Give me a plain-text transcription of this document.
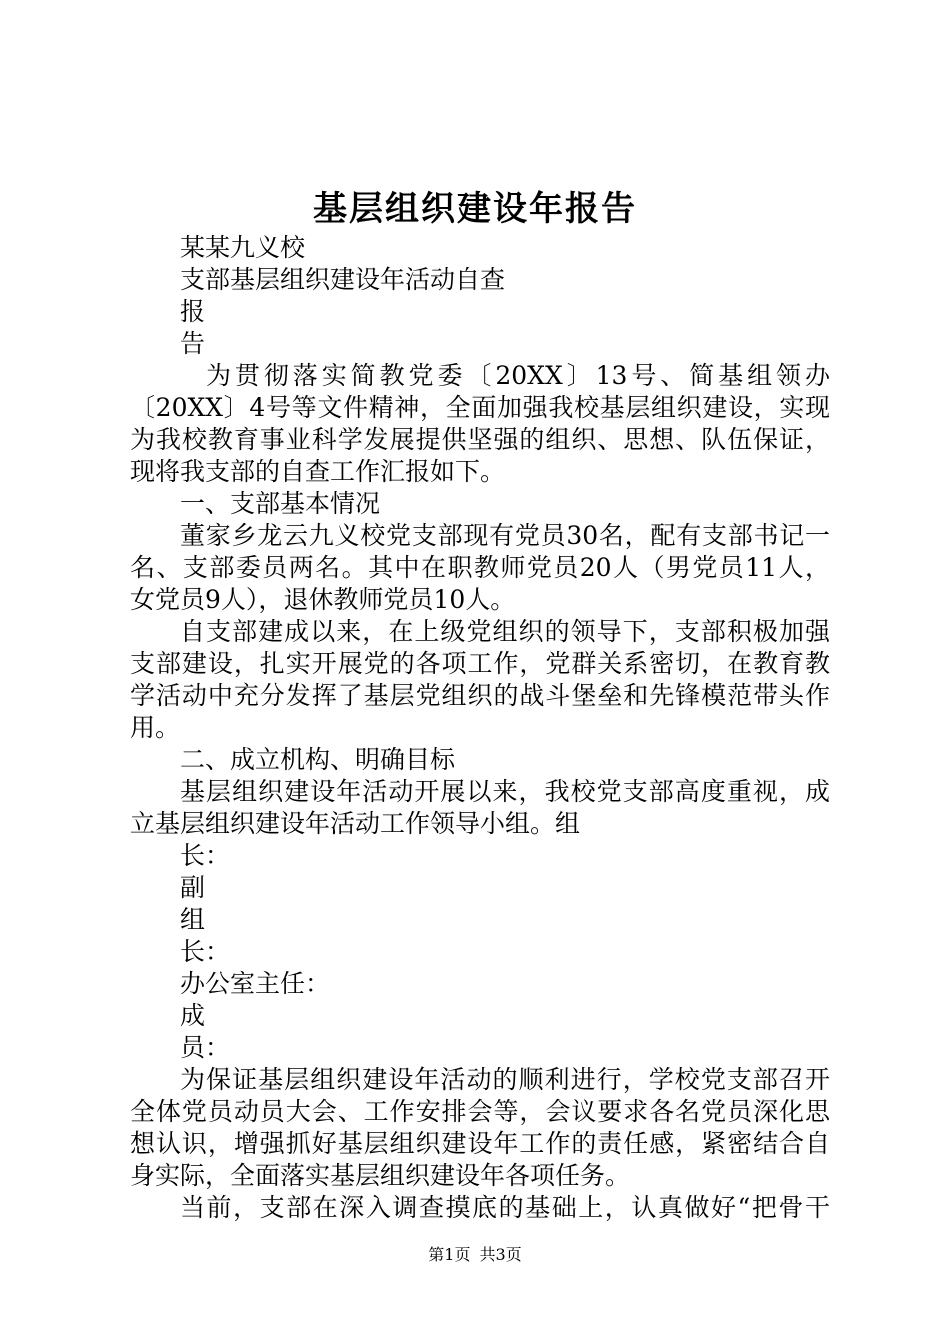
基层组织建设年报告
某某九义校
支部基层组织建设年活动自查
报
告
为贯彻落实简教党委〔20XX〕13号、简基组领办
〔20XX〕4号等文件精神，全面加强我校基层组织建设，实现
为我校教育事业科学发展提供坚强的组织、思想、队伍保证，
现将我支部的自查工作汇报如下。
一、支部基本情况
董家乡龙云九义校党支部现有党员30名，配有支部书记一
名、支部委员两名。其中在职教师党员20人（男党员11人，
女党员9人），退休教师党员10人。
自支部建成以来，在上级党组织的领导下，支部积极加强
支部建设，扎实开展党的各项工作，党群关系密切，在教育教
学活动中充分发挥了基层党组织的战斗堡垒和先锋模范带头作
用。
二、成立机构、明确目标
基层组织建设年活动开展以来，我校党支部高度重视，成
立基层组织建设年活动工作领导小组。组
长：
副
组
长：
办公室主任：
成
员：
为保证基层组织建设年活动的顺利进行，学校党支部召开
全体党员动员大会、工作安排会等，会议要求各名党员深化思
想认识，增强抓好基层组织建设年工作的责任感，紧密结合自
身实际，全面落实基层组织建设年各项任务。
当前，支部在深入调查摸底的基础上，认真做好“把骨干
第1页 共3页
